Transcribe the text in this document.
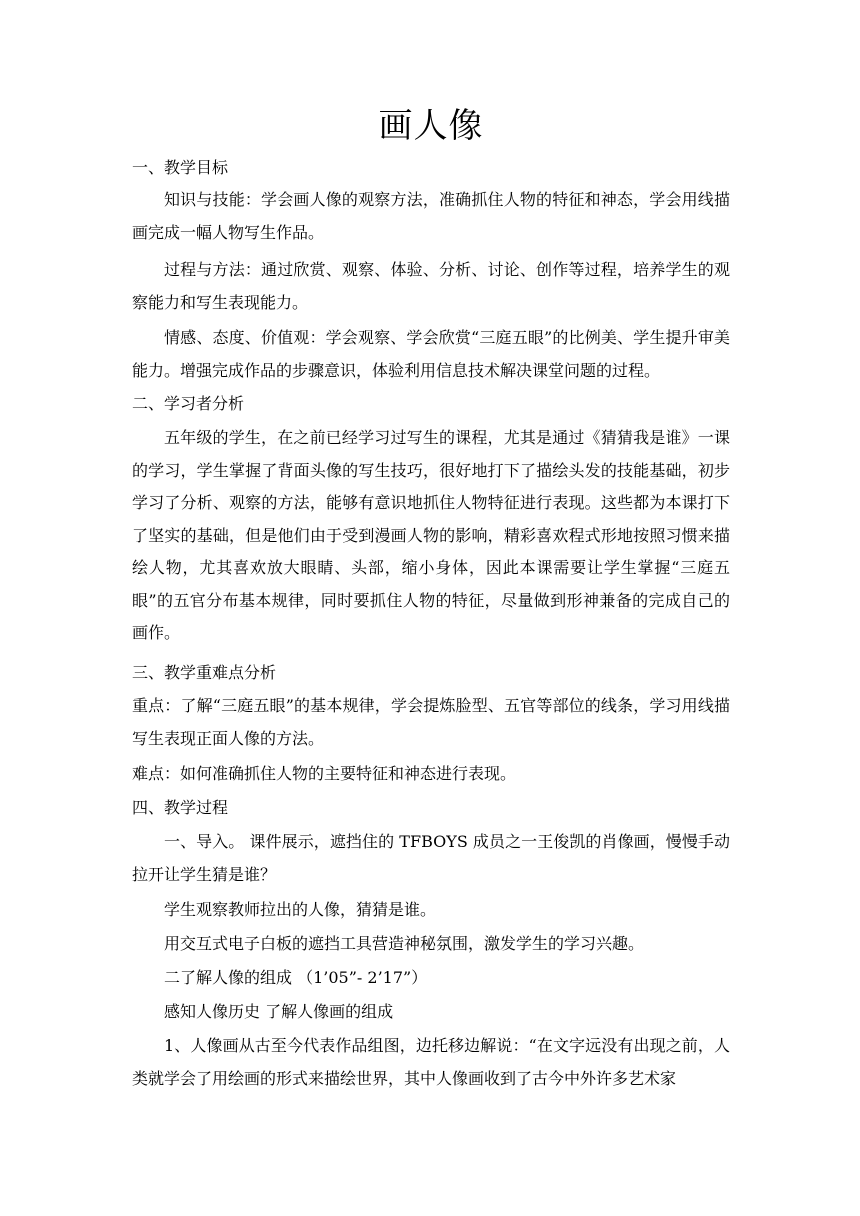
画人像

一、教学目标

知识与技能：学会画人像的观察方法，准确抓住人物的特征和神态，学会用线描画完成一幅人物写生作品。

过程与方法：通过欣赏、观察、体验、分析、讨论、创作等过程，培养学生的观察能力和写生表现能力。

情感、态度、价值观：学会观察、学会欣赏“三庭五眼”的比例美、学生提升审美能力。增强完成作品的步骤意识，体验利用信息技术解决课堂问题的过程。

二、学习者分析

五年级的学生，在之前已经学习过写生的课程，尤其是通过《猜猜我是谁》一课的学习，学生掌握了背面头像的写生技巧，很好地打下了描绘头发的技能基础，初步学习了分析、观察的方法，能够有意识地抓住人物特征进行表现。这些都为本课打下了坚实的基础，但是他们由于受到漫画人物的影响，精彩喜欢程式形地按照习惯来描绘人物，尤其喜欢放大眼睛、头部，缩小身体，因此本课需要让学生掌握“三庭五眼”的五官分布基本规律，同时要抓住人物的特征，尽量做到形神兼备的完成自己的画作。

三、教学重难点分析

重点：了解“三庭五眼”的基本规律，学会提炼脸型、五官等部位的线条，学习用线描写生表现正面人像的方法。

难点：如何准确抓住人物的主要特征和神态进行表现。

四、教学过程

一、导入。 课件展示，遮挡住的 TFBOYS 成员之一王俊凯的肖像画，慢慢手动拉开让学生猜是谁？

学生观察教师拉出的人像，猜猜是谁。

用交互式电子白板的遮挡工具营造神秘氛围，激发学生的学习兴趣。

二了解人像的组成 （1’05”- 2’17”）

感知人像历史 了解人像画的组成

1、人像画从古至今代表作品组图，边托移边解说：“在文字远没有出现之前，人类就学会了用绘画的形式来描绘世界，其中人像画收到了古今中外许多艺术家
